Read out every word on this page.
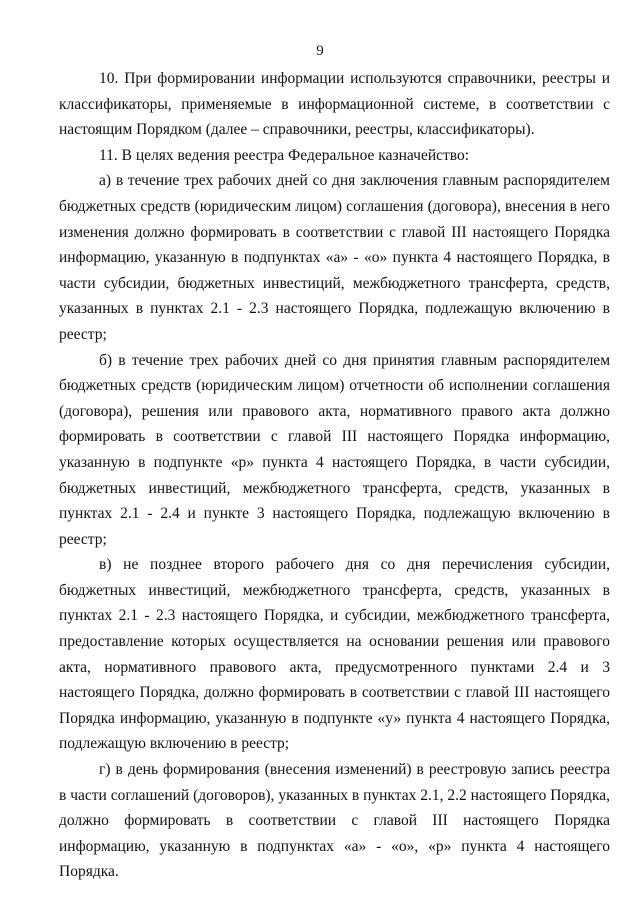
9

10. При формировании информации используются справочники, реестры и классификаторы, применяемые в информационной системе, в соответствии с настоящим Порядком (далее – справочники, реестры, классификаторы).

11. В целях ведения реестра Федеральное казначейство:

а) в течение трех рабочих дней со дня заключения главным распорядителем бюджетных средств (юридическим лицом) соглашения (договора), внесения в него изменения должно формировать в соответствии с главой III настоящего Порядка информацию, указанную в подпунктах «а» - «о» пункта 4 настоящего Порядка, в части субсидии, бюджетных инвестиций, межбюджетного трансферта, средств, указанных в пунктах 2.1 - 2.3 настоящего Порядка, подлежащую включению в реестр;

б) в течение трех рабочих дней со дня принятия главным распорядителем бюджетных средств (юридическим лицом) отчетности об исполнении соглашения (договора), решения или правового акта, нормативного правого акта должно формировать в соответствии с главой III настоящего Порядка информацию, указанную в подпункте «р» пункта 4 настоящего Порядка, в части субсидии, бюджетных инвестиций, межбюджетного трансферта, средств, указанных в пунктах 2.1 - 2.4 и пункте 3 настоящего Порядка, подлежащую включению в реестр;

в) не позднее второго рабочего дня со дня перечисления субсидии, бюджетных инвестиций, межбюджетного трансферта, средств, указанных в пунктах 2.1 - 2.3 настоящего Порядка, и субсидии, межбюджетного трансферта, предоставление которых осуществляется на основании решения или правового акта, нормативного правового акта, предусмотренного пунктами 2.4 и 3 настоящего Порядка, должно формировать в соответствии с главой III настоящего Порядка информацию, указанную в подпункте «у» пункта 4 настоящего Порядка, подлежащую включению в реестр;

г) в день формирования (внесения изменений) в реестровую запись реестра в части соглашений (договоров), указанных в пунктах 2.1, 2.2 настоящего Порядка, должно формировать в соответствии с главой III настоящего Порядка информацию, указанную в подпунктах «а» - «о», «р» пункта 4 настоящего Порядка.
